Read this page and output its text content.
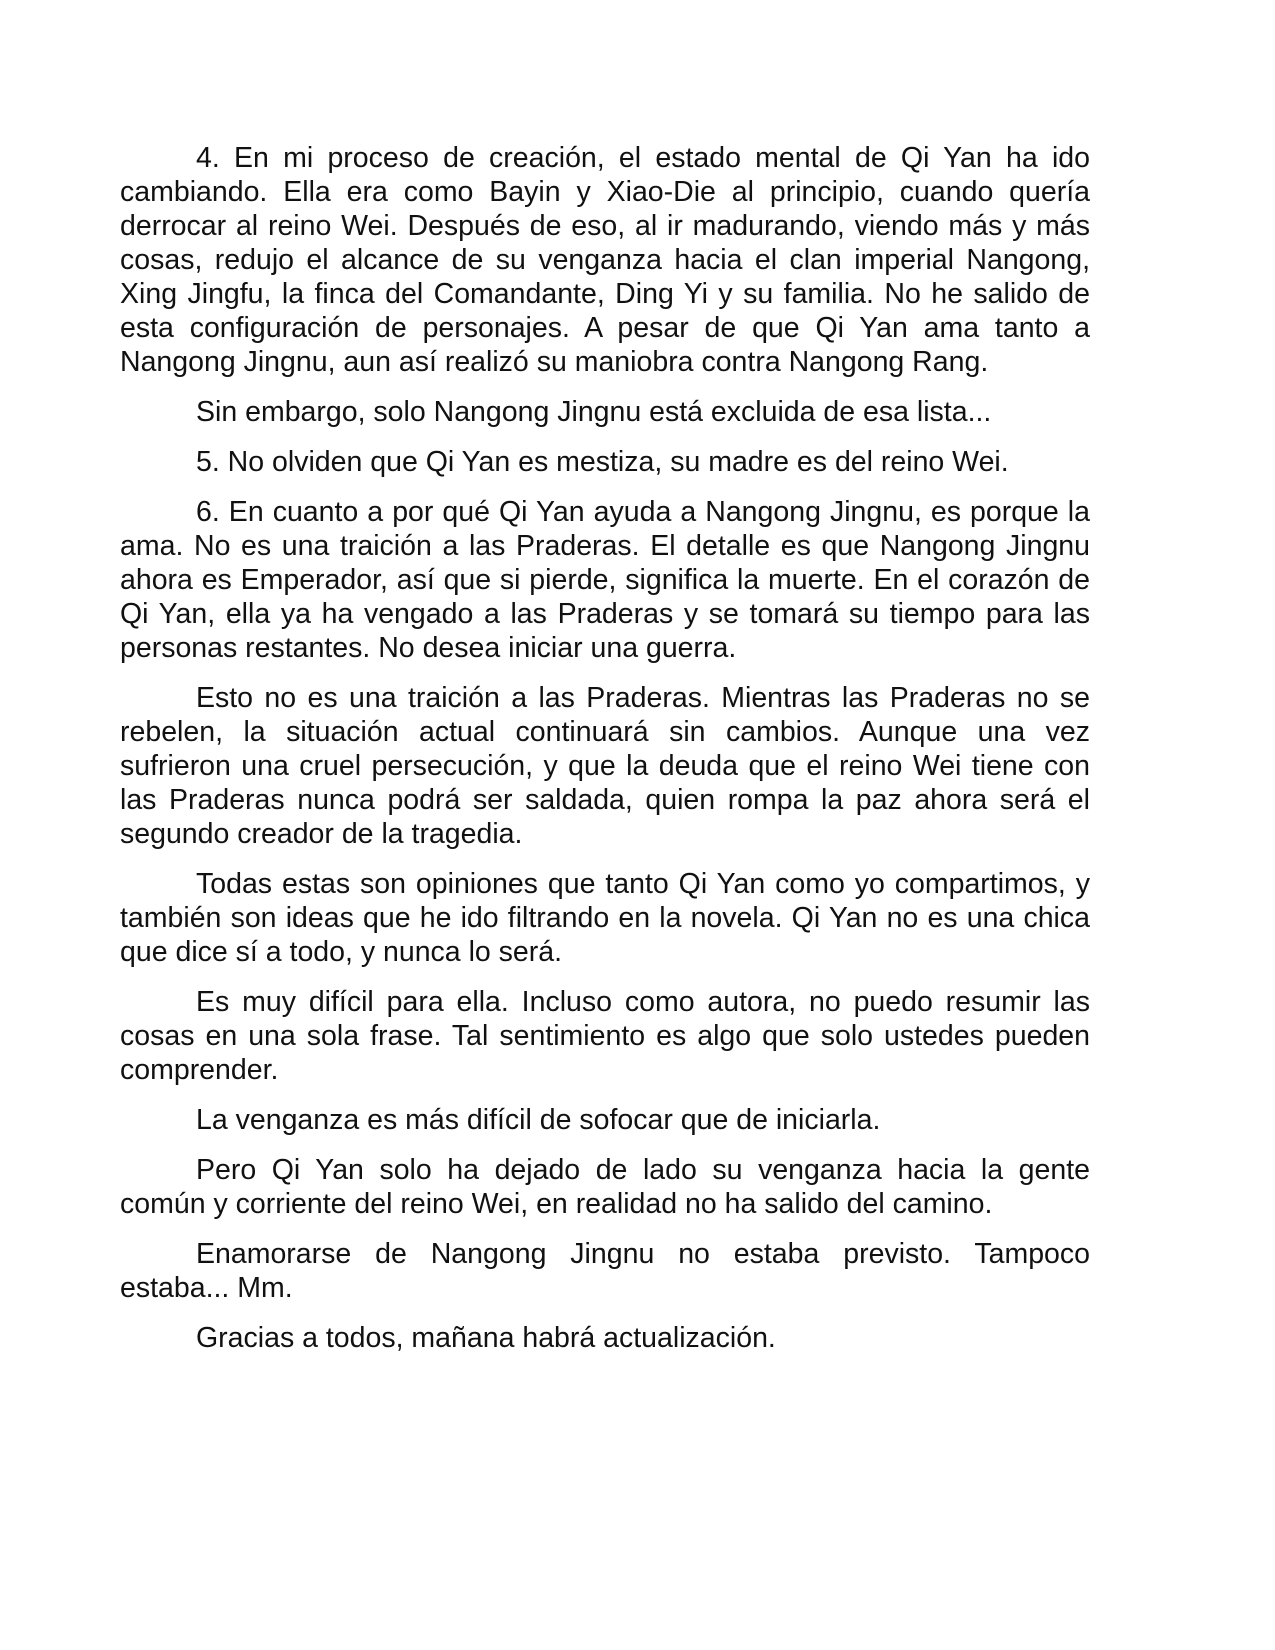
4. En mi proceso de creación, el estado mental de Qi Yan ha ido cambiando. Ella era como Bayin y Xiao-Die al principio, cuando quería derrocar al reino Wei. Después de eso, al ir madurando, viendo más y más cosas, redujo el alcance de su venganza hacia el clan imperial Nangong, Xing Jingfu, la finca del Comandante, Ding Yi y su familia. No he salido de esta configuración de personajes. A pesar de que Qi Yan ama tanto a Nangong Jingnu, aun así realizó su maniobra contra Nangong Rang.

Sin embargo, solo Nangong Jingnu está excluida de esa lista...

5. No olviden que Qi Yan es mestiza, su madre es del reino Wei.

6. En cuanto a por qué Qi Yan ayuda a Nangong Jingnu, es porque la ama. No es una traición a las Praderas. El detalle es que Nangong Jingnu ahora es Emperador, así que si pierde, significa la muerte. En el corazón de Qi Yan, ella ya ha vengado a las Praderas y se tomará su tiempo para las personas restantes. No desea iniciar una guerra.

Esto no es una traición a las Praderas. Mientras las Praderas no se rebelen, la situación actual continuará sin cambios. Aunque una vez sufrieron una cruel persecución, y que la deuda que el reino Wei tiene con las Praderas nunca podrá ser saldada, quien rompa la paz ahora será el segundo creador de la tragedia.

Todas estas son opiniones que tanto Qi Yan como yo compartimos, y también son ideas que he ido filtrando en la novela. Qi Yan no es una chica que dice sí a todo, y nunca lo será.

Es muy difícil para ella. Incluso como autora, no puedo resumir las cosas en una sola frase. Tal sentimiento es algo que solo ustedes pueden comprender.

La venganza es más difícil de sofocar que de iniciarla.

Pero Qi Yan solo ha dejado de lado su venganza hacia la gente común y corriente del reino Wei, en realidad no ha salido del camino.

Enamorarse de Nangong Jingnu no estaba previsto. Tampoco estaba... Mm.

Gracias a todos, mañana habrá actualización.
